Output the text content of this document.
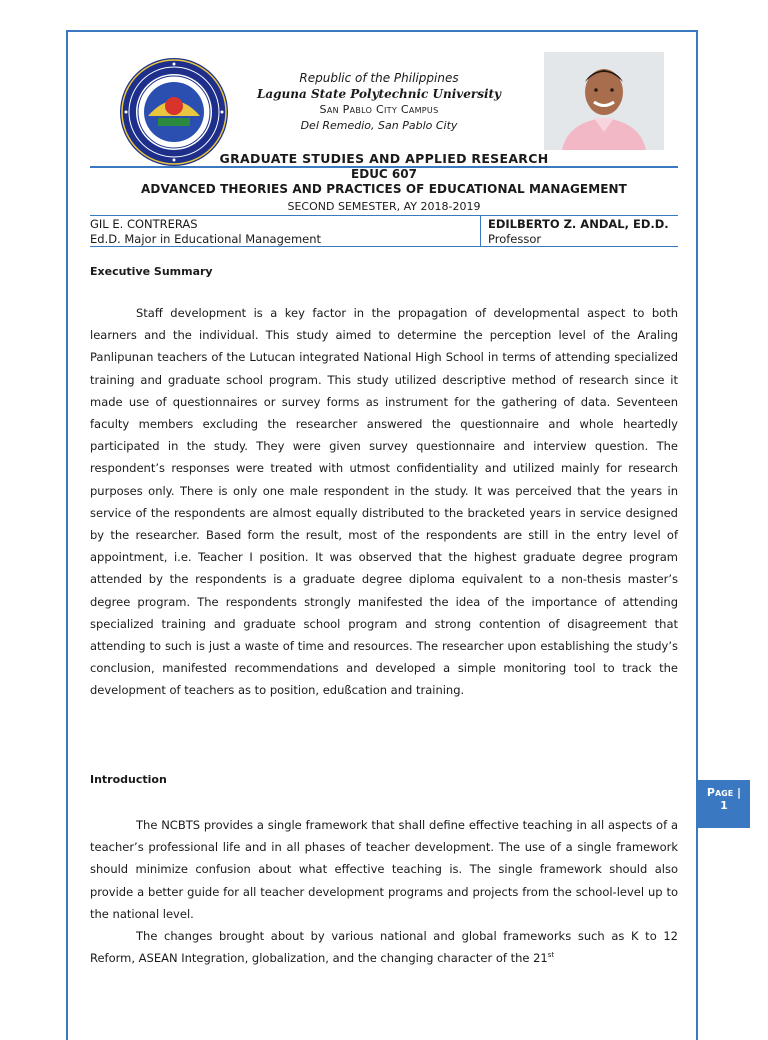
Republic of the Philippines
Laguna State Polytechnic University
San Pablo City Campus
Del Remedio, San Pablo City
GRADUATE STUDIES AND APPLIED RESEARCH
EDUC 607
ADVANCED THEORIES AND PRACTICES OF EDUCATIONAL MANAGEMENT
SECOND SEMESTER, AY 2018-2019
GIL E. CONTRERAS	EDILBERTO Z. ANDAL, ED.D.
Ed.D. Major in Educational Management	Professor
Executive Summary
Staff development is a key factor in the propagation of developmental aspect to both learners and the individual. This study aimed to determine the perception level of the Araling Panlipunan teachers of the Lutucan integrated National High School in terms of attending specialized training and graduate school program. This study utilized descriptive method of research since it made use of questionnaires or survey forms as instrument for the gathering of data. Seventeen faculty members excluding the researcher answered the questionnaire and whole heartedly participated in the study. They were given survey questionnaire and interview question. The respondent’s responses were treated with utmost confidentiality and utilized mainly for research purposes only. There is only one male respondent in the study. It was perceived that the years in service of the respondents are almost equally distributed to the bracketed years in service designed by the researcher. Based form the result, most of the respondents are still in the entry level of appointment, i.e. Teacher I position. It was observed that the highest graduate degree program attended by the respondents is a graduate degree diploma equivalent to a non-thesis master’s degree program. The respondents strongly manifested the idea of the importance of attending specialized training and graduate school program and strong contention of disagreement that attending to such is just a waste of time and resources. The researcher upon establishing the study’s conclusion, manifested recommendations and developed a simple monitoring tool to track the development of teachers as to position, edußcation and training.
Introduction
The NCBTS provides a single framework that shall define effective teaching in all aspects of a teacher’s professional life and in all phases of teacher development. The use of a single framework should minimize confusion about what effective teaching is. The single framework should also provide a better guide for all teacher development programs and projects from the school-level up to the national level.
The changes brought about by various national and global frameworks such as K to 12 Reform, ASEAN Integration, globalization, and the changing character of the 21st
Page |
1
